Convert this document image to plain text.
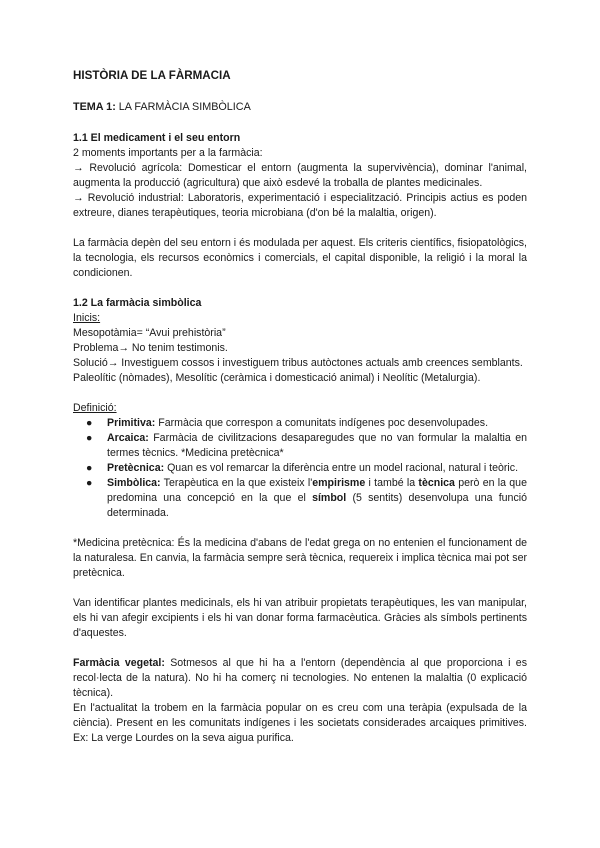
HISTÒRIA DE LA FÀRMACIA

TEMA 1: LA FARMÀCIA SIMBÒLICA

1.1 El medicament i el seu entorn

2 moments importants per a la farmàcia:

→ Revolució agrícola: Domesticar el entorn (augmenta la supervivència), dominar l'animal, augmenta la producció (agricultura) que això esdevé la troballa de plantes medicinales.

→ Revolució industrial: Laboratoris, experimentació i especialització. Principis actius es poden extreure, dianes terapèutiques, teoria microbiana (d'on bé la malaltia, origen).

La farmàcia depèn del seu entorn i és modulada per aquest. Els criteris científics, fisiopatològics, la tecnologia, els recursos econòmics i comercials, el capital disponible, la religió i la moral la condicionen.

1.2 La farmàcia simbòlica

Inicis:

Mesopotàmia= “Avui prehistòria”

Problema→ No tenim testimonis.

Solució→ Investiguem cossos i investiguem tribus autòctones actuals amb creences semblants.

Paleolític (nòmades), Mesolític (ceràmica i domesticació animal) i Neolític (Metalurgia).

Definició:

● Primitiva: Farmàcia que correspon a comunitats indígenes poc desenvolupades.
● Arcaica: Farmàcia de civilitzacions desaparegudes que no van formular la malaltia en termes tècnics. *Medicina pretècnica*
● Pretècnica: Quan es vol remarcar la diferència entre un model racional, natural i teòric.
● Simbòlica: Terapèutica en la que existeix l'empirisme i també la tècnica però en la que predomina una concepció en la que el símbol (5 sentits) desenvolupa una funció determinada.

*Medicina pretècnica: És la medicina d'abans de l'edat grega on no entenien el funcionament de la naturalesa. En canvia, la farmàcia sempre serà tècnica, requereix i implica tècnica mai pot ser pretècnica.

Van identificar plantes medicinals, els hi van atribuir propietats terapèutiques, les van manipular, els hi van afegir excipients i els hi van donar forma farmacèutica. Gràcies als símbols pertinents d'aquestes.

Farmàcia vegetal: Sotmesos al que hi ha a l'entorn (dependència al que proporciona i es recol·lecta de la natura). No hi ha comerç ni tecnologies. No entenen la malaltia (0 explicació tècnica).

En l'actualitat la trobem en la farmàcia popular on es creu com una teràpia (expulsada de la ciència). Present en les comunitats indígenes i les societats considerades arcaiques primitives. Ex: La verge Lourdes on la seva aigua purifica.
